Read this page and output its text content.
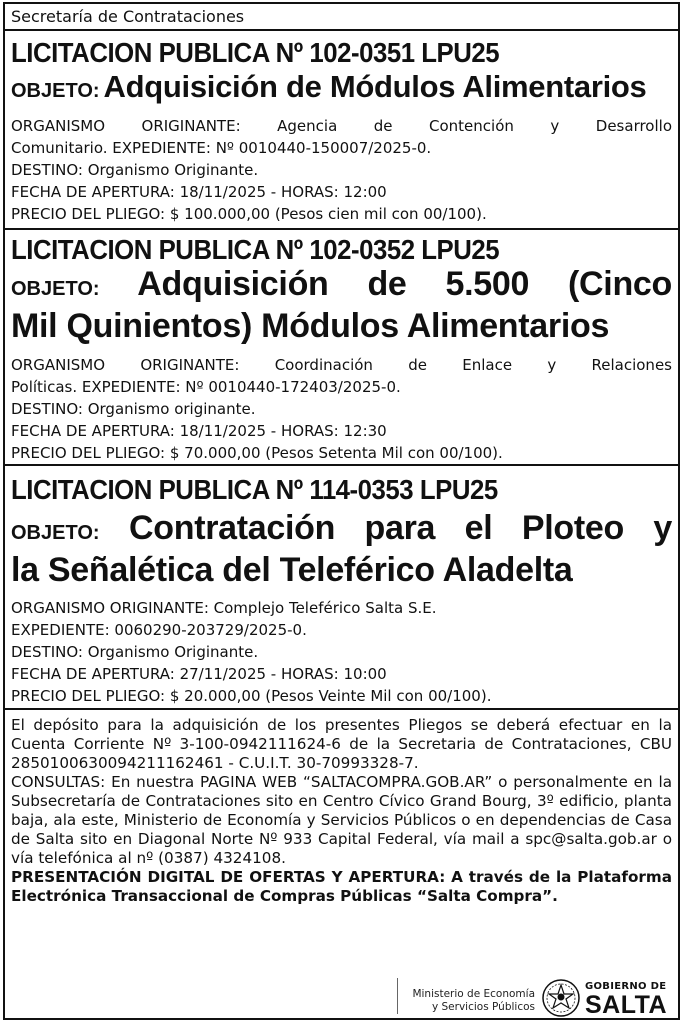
Secretaría de Contrataciones
LICITACION PUBLICA Nº 102-0351 LPU25
OBJETO: Adquisición de Módulos Alimentarios
ORGANISMO ORIGINANTE: Agencia de Contención y Desarrollo
Comunitario. EXPEDIENTE: Nº 0010440-150007/2025-0.
DESTINO: Organismo Originante.
FECHA DE APERTURA: 18/11/2025 - HORAS: 12:00
PRECIO DEL PLIEGO: $ 100.000,00 (Pesos cien mil con 00/100).
LICITACION PUBLICA Nº 102-0352 LPU25
OBJETO: Adquisición de 5.500 (Cinco
Mil Quinientos) Módulos Alimentarios
ORGANISMO ORIGINANTE: Coordinación de Enlace y Relaciones
Políticas. EXPEDIENTE: Nº 0010440-172403/2025-0.
DESTINO: Organismo originante.
FECHA DE APERTURA: 18/11/2025 - HORAS: 12:30
PRECIO DEL PLIEGO: $ 70.000,00 (Pesos Setenta Mil con 00/100).
LICITACION PUBLICA Nº 114-0353 LPU25
OBJETO: Contratación para el Ploteo y
la Señalética del Teleférico Aladelta
ORGANISMO ORIGINANTE: Complejo Teleférico Salta S.E.
EXPEDIENTE: 0060290-203729/2025-0.
DESTINO: Organismo Originante.
FECHA DE APERTURA: 27/11/2025 - HORAS: 10:00
PRECIO DEL PLIEGO: $ 20.000,00 (Pesos Veinte Mil con 00/100).

El depósito para la adquisición de los presentes Pliegos se deberá efectuar en la Cuenta Corriente Nº 3-100-0942111624-6 de la Secretaria de Contrataciones, CBU 2850100630094211162461 - C.U.I.T. 30-70993328-7.

CONSULTAS: En nuestra PAGINA WEB “SALTACOMPRA.GOB.AR” o personalmente en la Subsecretaría de Contrataciones sito en Centro Cívico Grand Bourg, 3º edificio, planta baja, ala este, Ministerio de Economía y Servicios Públicos o en dependencias de Casa de Salta sito en Diagonal Norte Nº 933 Capital Federal, vía mail a spc@salta.gob.ar o vía telefónica al nº (0387) 4324108.

PRESENTACIÓN DIGITAL DE OFERTAS Y APERTURA: A través de la Plataforma Electrónica Transaccional de Compras Públicas “Salta Compra”.

Ministerio de Economía
y Servicios Públicos
GOBIERNO DE
SALTA
